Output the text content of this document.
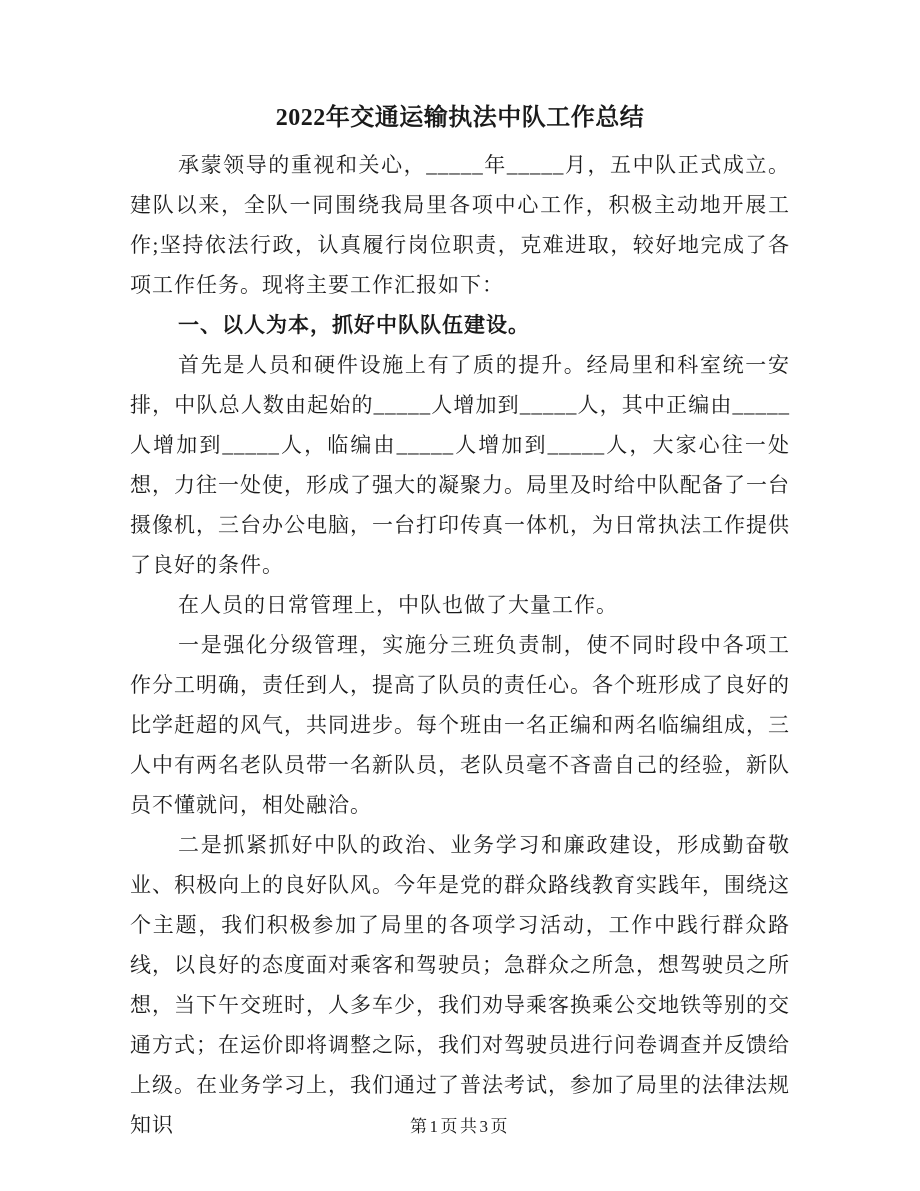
2022年交通运输执法中队工作总结

承蒙领导的重视和关心，_____年_____月，五中队正式成立。建队以来，全队一同围绕我局里各项中心工作，积极主动地开展工作;坚持依法行政，认真履行岗位职责，克难进取，较好地完成了各项工作任务。现将主要工作汇报如下：

一、以人为本，抓好中队队伍建设。

首先是人员和硬件设施上有了质的提升。经局里和科室统一安排，中队总人数由起始的_____人增加到_____人，其中正编由_____人增加到_____人，临编由_____人增加到_____人，大家心往一处想，力往一处使，形成了强大的凝聚力。局里及时给中队配备了一台摄像机，三台办公电脑，一台打印传真一体机，为日常执法工作提供了良好的条件。

在人员的日常管理上，中队也做了大量工作。

一是强化分级管理，实施分三班负责制，使不同时段中各项工作分工明确，责任到人，提高了队员的责任心。各个班形成了良好的比学赶超的风气，共同进步。每个班由一名正编和两名临编组成，三人中有两名老队员带一名新队员，老队员毫不吝啬自己的经验，新队员不懂就问，相处融洽。

二是抓紧抓好中队的政治、业务学习和廉政建设，形成勤奋敬业、积极向上的良好队风。今年是党的群众路线教育实践年，围绕这个主题，我们积极参加了局里的各项学习活动，工作中践行群众路线，以良好的态度面对乘客和驾驶员；急群众之所急，想驾驶员之所想，当下午交班时，人多车少，我们劝导乘客换乘公交地铁等别的交通方式；在运价即将调整之际，我们对驾驶员进行问卷调查并反馈给上级。在业务学习上，我们通过了普法考试，参加了局里的法律法规知识	第1页共3页
